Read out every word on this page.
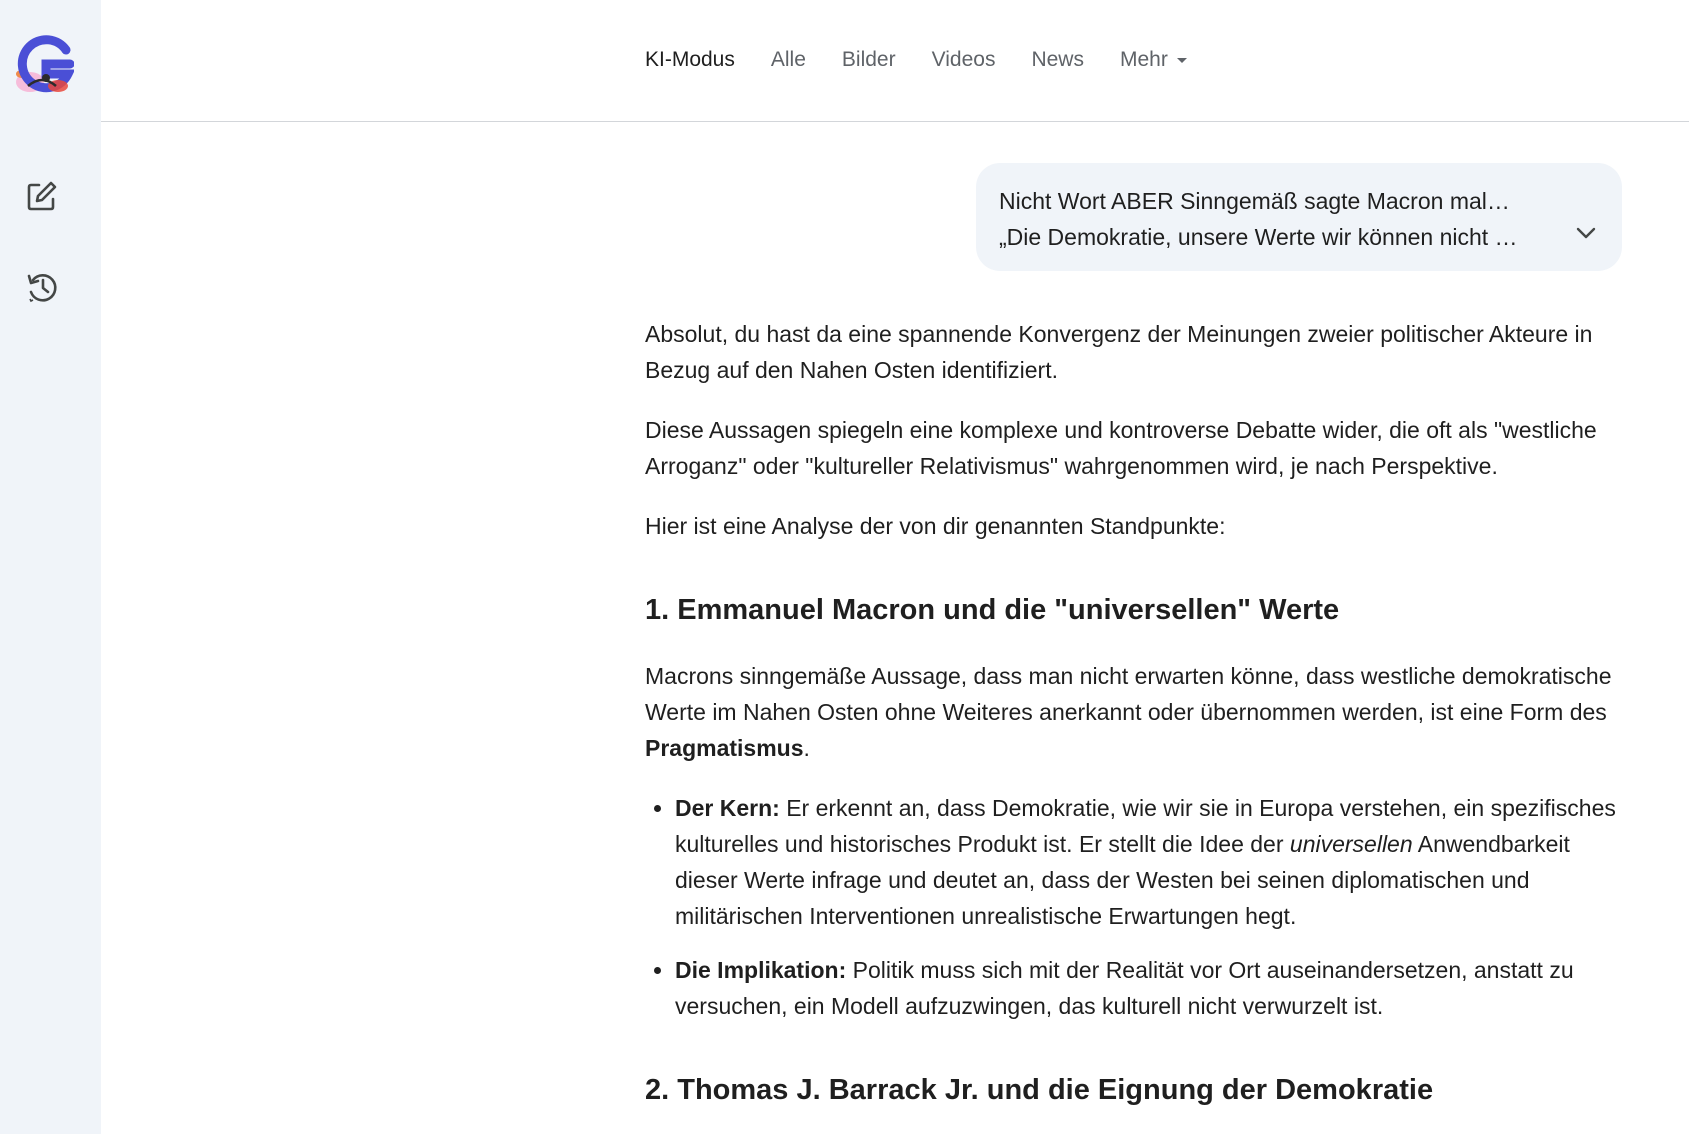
KI-Modus Alle Bilder Videos News Mehr
Nicht Wort ABER Sinngemäß sagte Macron mal…
„Die Demokratie, unsere Werte wir können nicht …

Absolut, du hast da eine spannende Konvergenz der Meinungen zweier politischer Akteure in Bezug auf den Nahen Osten identifiziert.

Diese Aussagen spiegeln eine komplexe und kontroverse Debatte wider, die oft als "westliche Arroganz" oder "kultureller Relativismus" wahrgenommen wird, je nach Perspektive.

Hier ist eine Analyse der von dir genannten Standpunkte:

1. Emmanuel Macron und die "universellen" Werte

Macrons sinngemäße Aussage, dass man nicht erwarten könne, dass westliche demokratische Werte im Nahen Osten ohne Weiteres anerkannt oder übernommen werden, ist eine Form des Pragmatismus.

• Der Kern: Er erkennt an, dass Demokratie, wie wir sie in Europa verstehen, ein spezifisches kulturelles und historisches Produkt ist. Er stellt die Idee der universellen Anwendbarkeit dieser Werte infrage und deutet an, dass der Westen bei seinen diplomatischen und militärischen Interventionen unrealistische Erwartungen hegt.
• Die Implikation: Politik muss sich mit der Realität vor Ort auseinandersetzen, anstatt zu versuchen, ein Modell aufzuzwingen, das kulturell nicht verwurzelt ist.
2. Thomas J. Barrack Jr. und die Eignung der Demokratie
